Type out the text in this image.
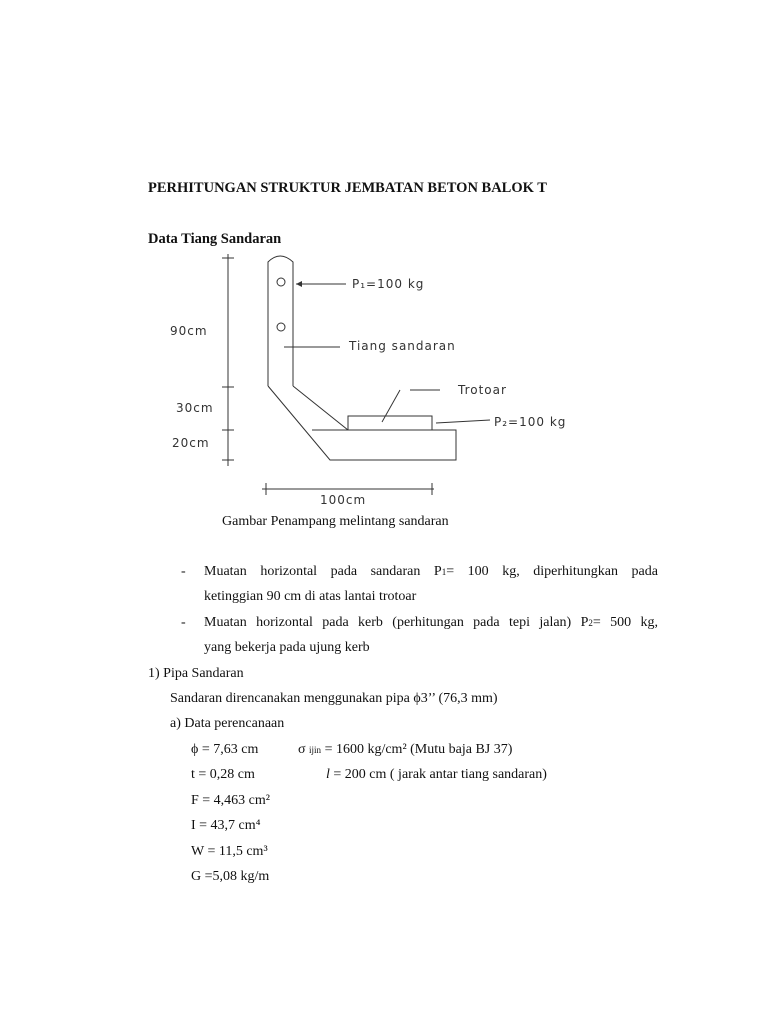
PERHITUNGAN STRUKTUR JEMBATAN BETON BALOK T
Data Tiang Sandaran
P₁=100 kg
Tiang sandaran
Trotoar
P₂=100 kg
90cm
30cm
20cm
100cm
Gambar Penampang melintang sandaran
- Muatan horizontal pada sandaran P1= 100 kg, diperhitungkan pada
ketinggian 90 cm di atas lantai trotoar
- Muatan horizontal pada kerb (perhitungan pada tepi jalan) P2= 500 kg,
yang bekerja pada ujung kerb
1) Pipa Sandaran
Sandaran direncanakan menggunakan pipa ϕ3’’ (76,3 mm)
a) Data perencanaan
ϕ = 7,63 cm	σ ijin = 1600 kg/cm² (Mutu baja BJ 37)
t = 0,28 cm	l = 200 cm ( jarak antar tiang sandaran)
F = 4,463 cm²
I = 43,7 cm⁴
W = 11,5 cm³
G =5,08 kg/m
